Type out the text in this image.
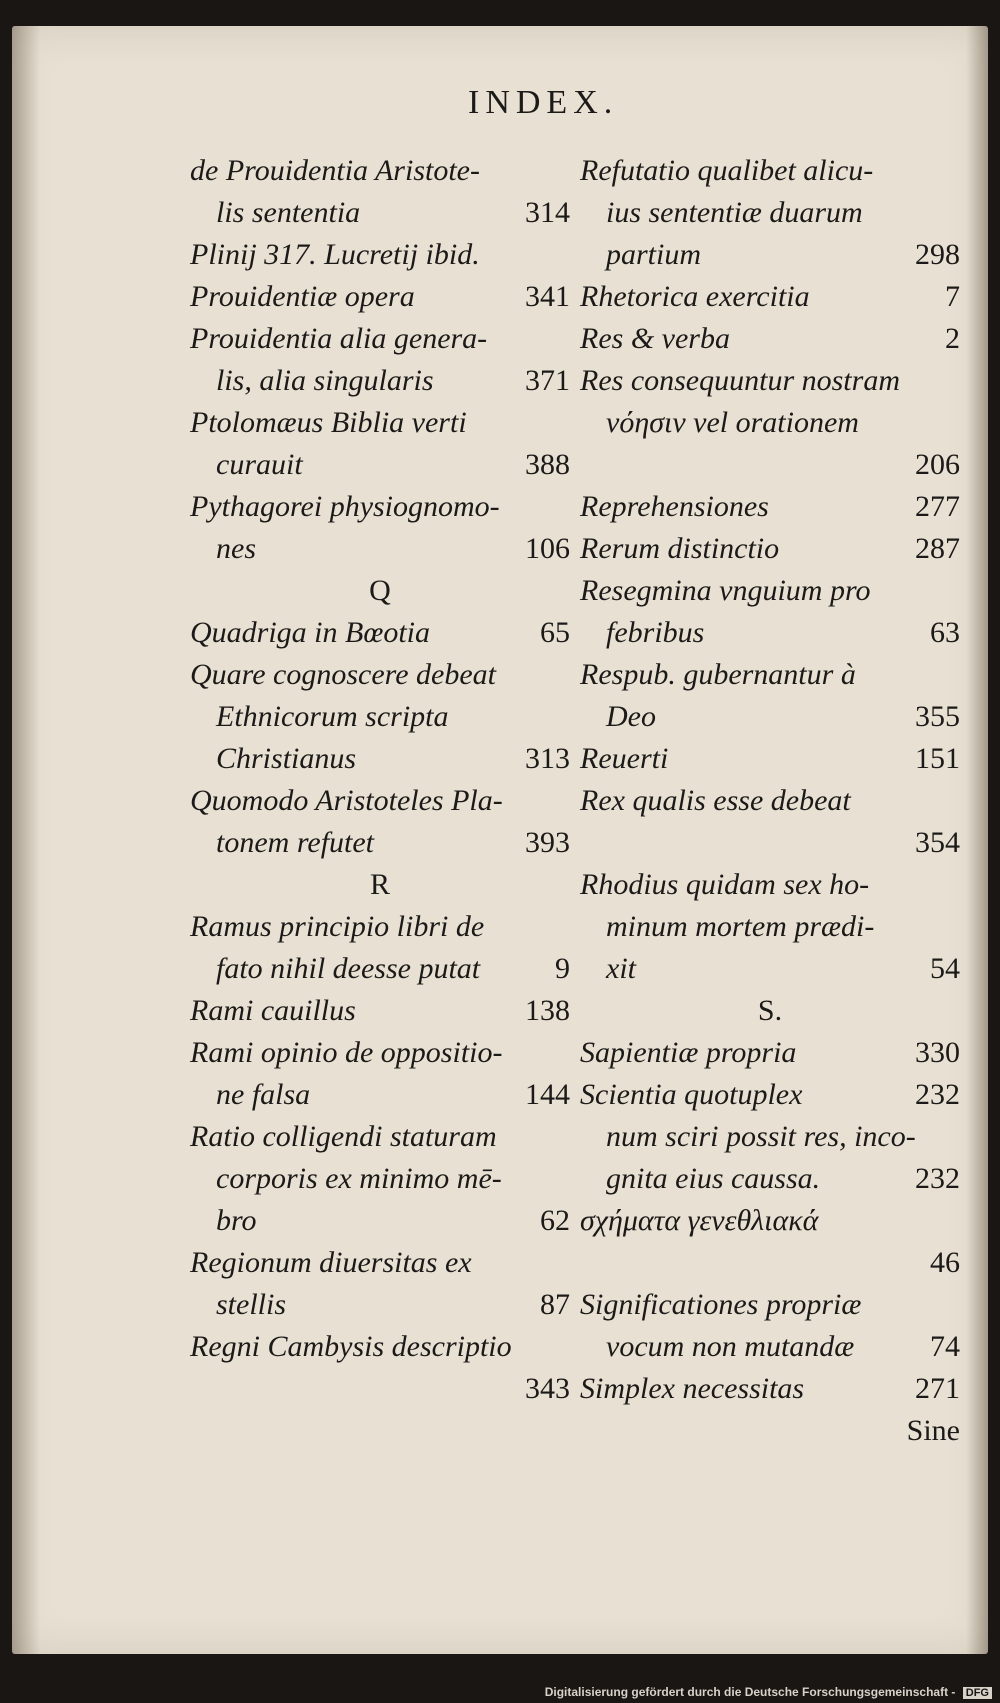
INDEX.
de Prouidentia Aristote-
lis sententia	314
Plinij 317. Lucretij ibid.
Prouidentiæ opera	341
Prouidentia alia genera-
lis, alia singularis	371
Ptolomæus Biblia verti
curauit	388
Pythagorei physiognomo-
nes	106
Q
Quadriga in Bœotia	65
Quare cognoscere debeat
Ethnicorum scripta
Christianus	313
Quomodo Aristoteles Pla-
tonem refutet	393
R
Ramus principio libri de
fato nihil deesse putat 9
Rami cauillus	138
Rami opinio de oppositio-
ne falsa	144
Ratio colligendi staturam
corporis ex minimo mē-
bro	62
Regionum diuersitas ex
stellis	87
Regni Cambysis descriptio
343
Refutatio qualibet alicu-
ius sententiæ duarum
partium	298
Rhetorica exercitia	7
Res & verba	2
Res consequuntur nostram
νόησιν vel orationem
206
Reprehensiones	277
Rerum distinctio	287
Resegmina vnguium pro
febribus	63
Respub. gubernantur à
Deo	355
Reuerti	151
Rex qualis esse debeat
354
Rhodius quidam sex ho-
minum mortem prædi-
xit	54
S.
Sapientiæ propria	330
Scientia quotuplex	232
num sciri possit res, inco-
gnita eius caussa.	232
σχήματα γενεθλιακά
46
Significationes propriæ
vocum non mutandæ	74
Simplex necessitas	271
Sine
Digitalisierung gefördert durch die Deutsche Forschungsgemeinschaft - DFG
